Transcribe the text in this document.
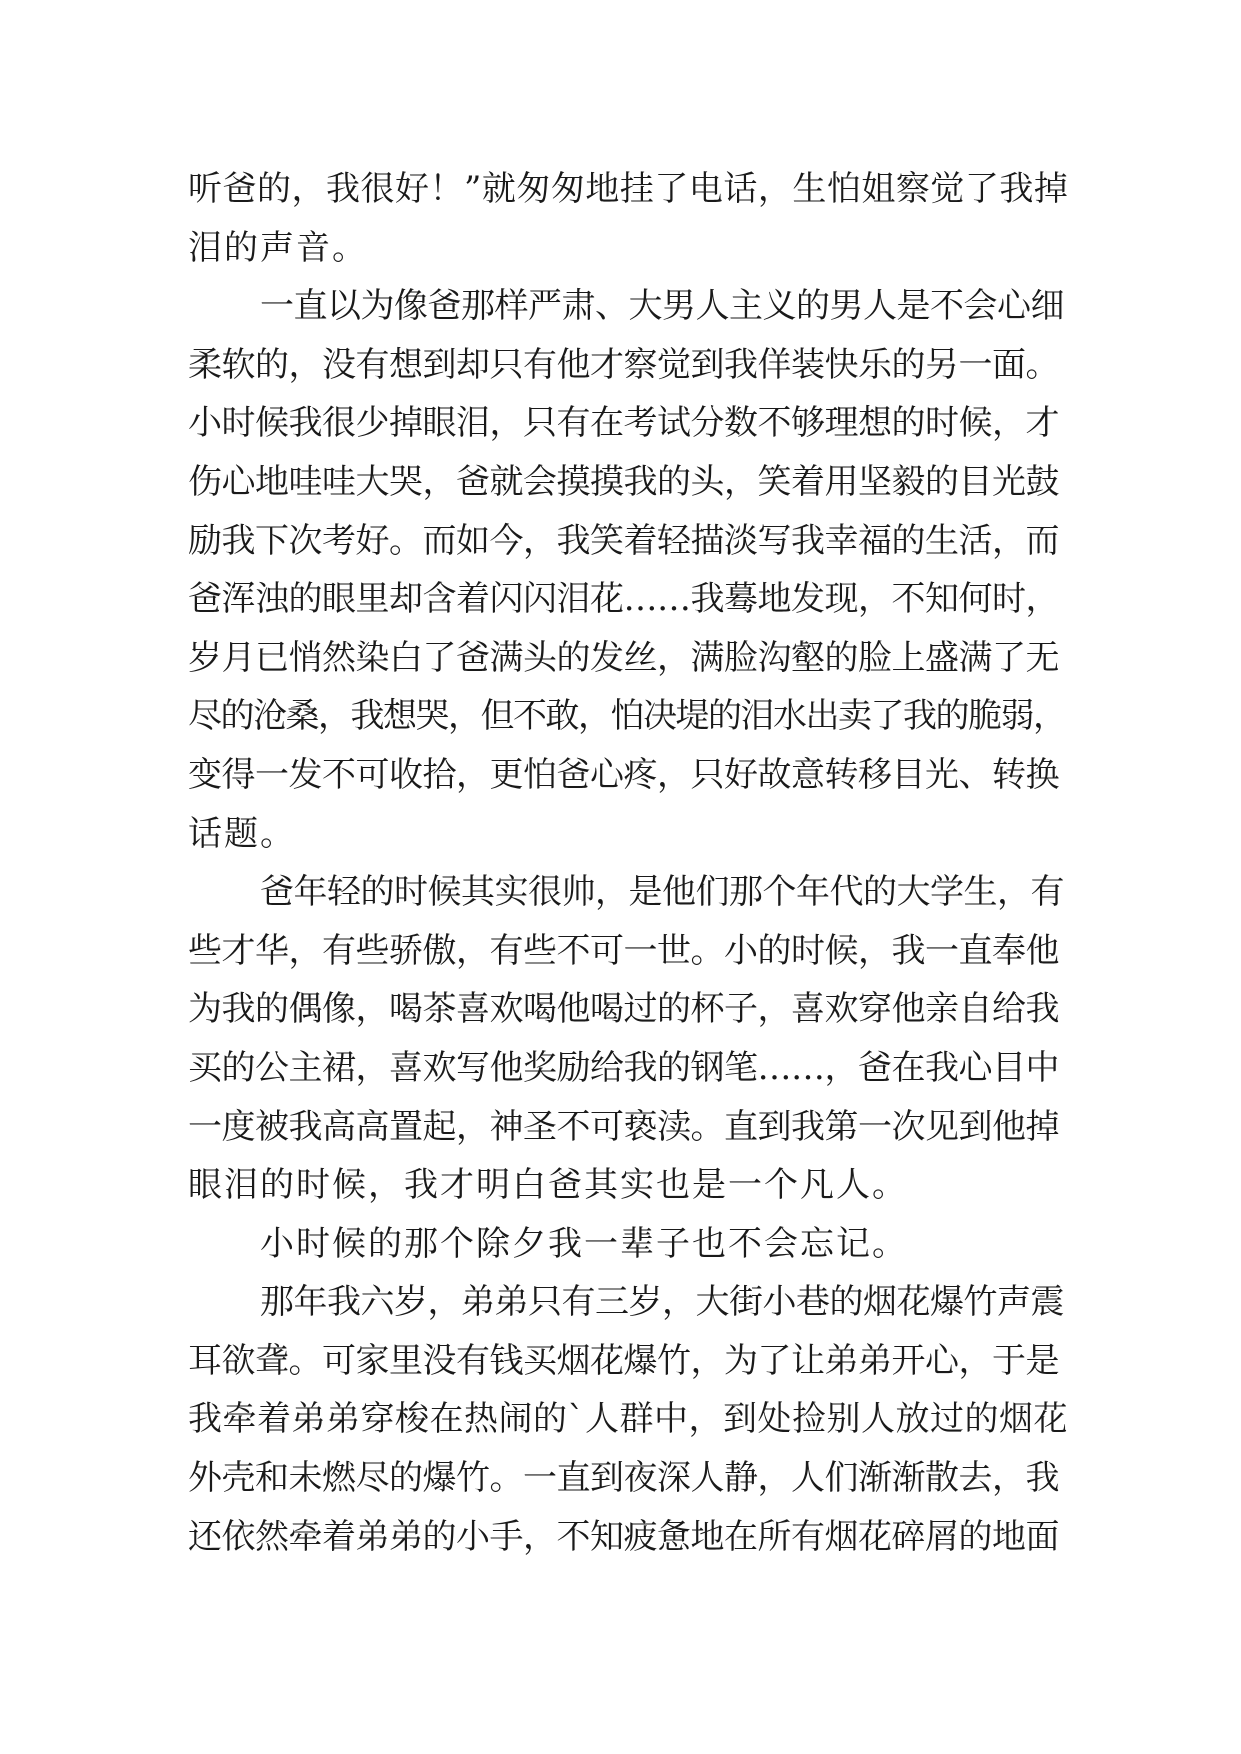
听爸的，我很好！”就匆匆地挂了电话，生怕姐察觉了我掉
泪的声音。
一直以为像爸那样严肃、大男人主义的男人是不会心细
柔软的，没有想到却只有他才察觉到我佯装快乐的另一面。
小时候我很少掉眼泪，只有在考试分数不够理想的时候，才
伤心地哇哇大哭，爸就会摸摸我的头，笑着用坚毅的目光鼓
励我下次考好。而如今，我笑着轻描淡写我幸福的生活，而
爸浑浊的眼里却含着闪闪泪花……我蓦地发现，不知何时，
岁月已悄然染白了爸满头的发丝，满脸沟壑的脸上盛满了无
尽的沧桑，我想哭，但不敢，怕决堤的泪水出卖了我的脆弱，
变得一发不可收拾，更怕爸心疼，只好故意转移目光、转换
话题。
爸年轻的时候其实很帅，是他们那个年代的大学生，有
些才华，有些骄傲，有些不可一世。小的时候，我一直奉他
为我的偶像，喝茶喜欢喝他喝过的杯子，喜欢穿他亲自给我
买的公主裙，喜欢写他奖励给我的钢笔……，爸在我心目中
一度被我高高置起，神圣不可亵渎。直到我第一次见到他掉
眼泪的时候，我才明白爸其实也是一个凡人。
小时候的那个除夕我一辈子也不会忘记。
那年我六岁，弟弟只有三岁，大街小巷的烟花爆竹声震
耳欲聋。可家里没有钱买烟花爆竹，为了让弟弟开心，于是
我牵着弟弟穿梭在热闹的`人群中，到处捡别人放过的烟花
外壳和未燃尽的爆竹。一直到夜深人静，人们渐渐散去，我
还依然牵着弟弟的小手，不知疲惫地在所有烟花碎屑的地面
